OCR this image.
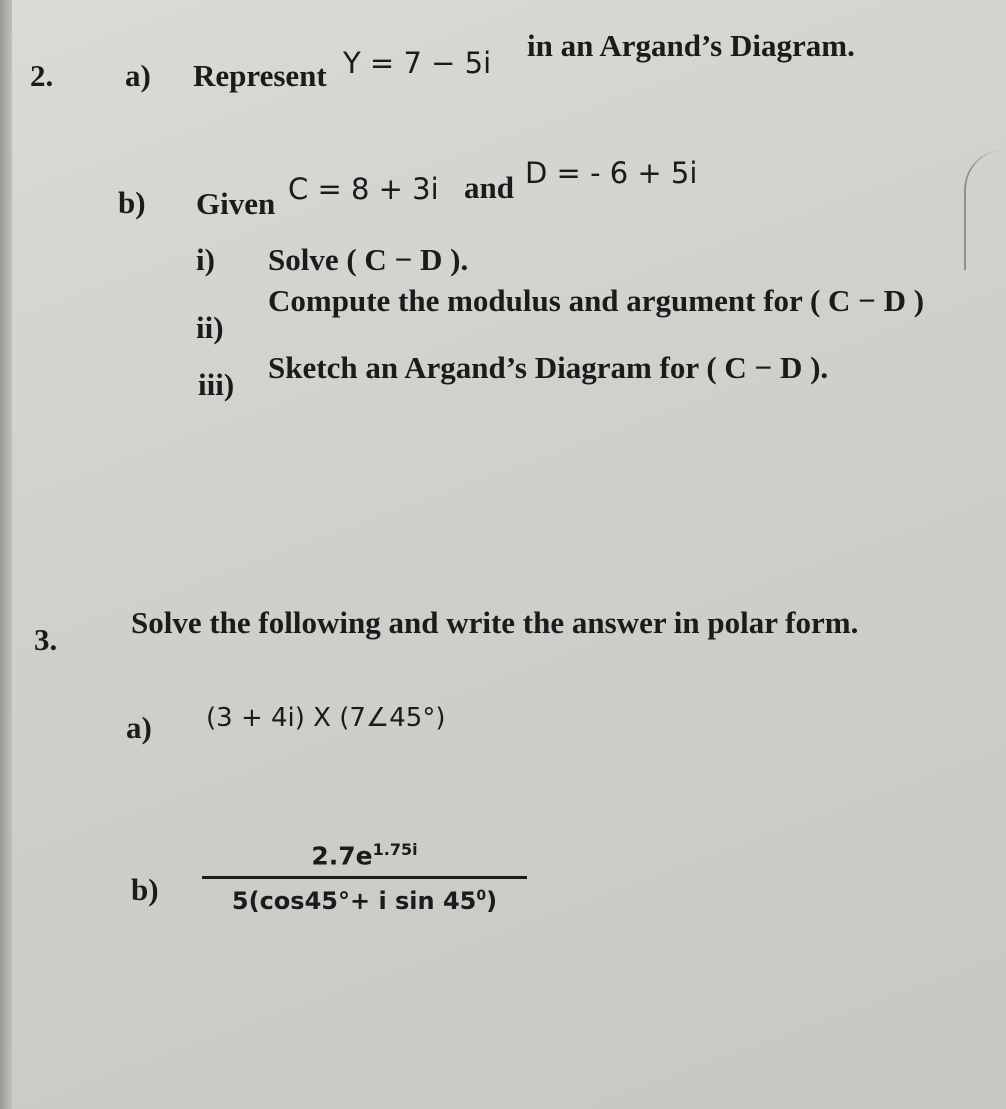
2. a) Represent Y = 7 − 5i in an Argand’s Diagram.
b) Given C = 8 + 3i and D = - 6 + 5i
i) Solve ( C − D ).
ii)
Compute the modulus and argument for ( C − D )
iii) Sketch an Argand’s Diagram for ( C − D ).
3. Solve the following and write the answer in polar form.
a) (3 + 4i) X (7∠45°)
b)
$2.7e^{1.75i}$
5(cos45°+ i $\sin 45^0$)
